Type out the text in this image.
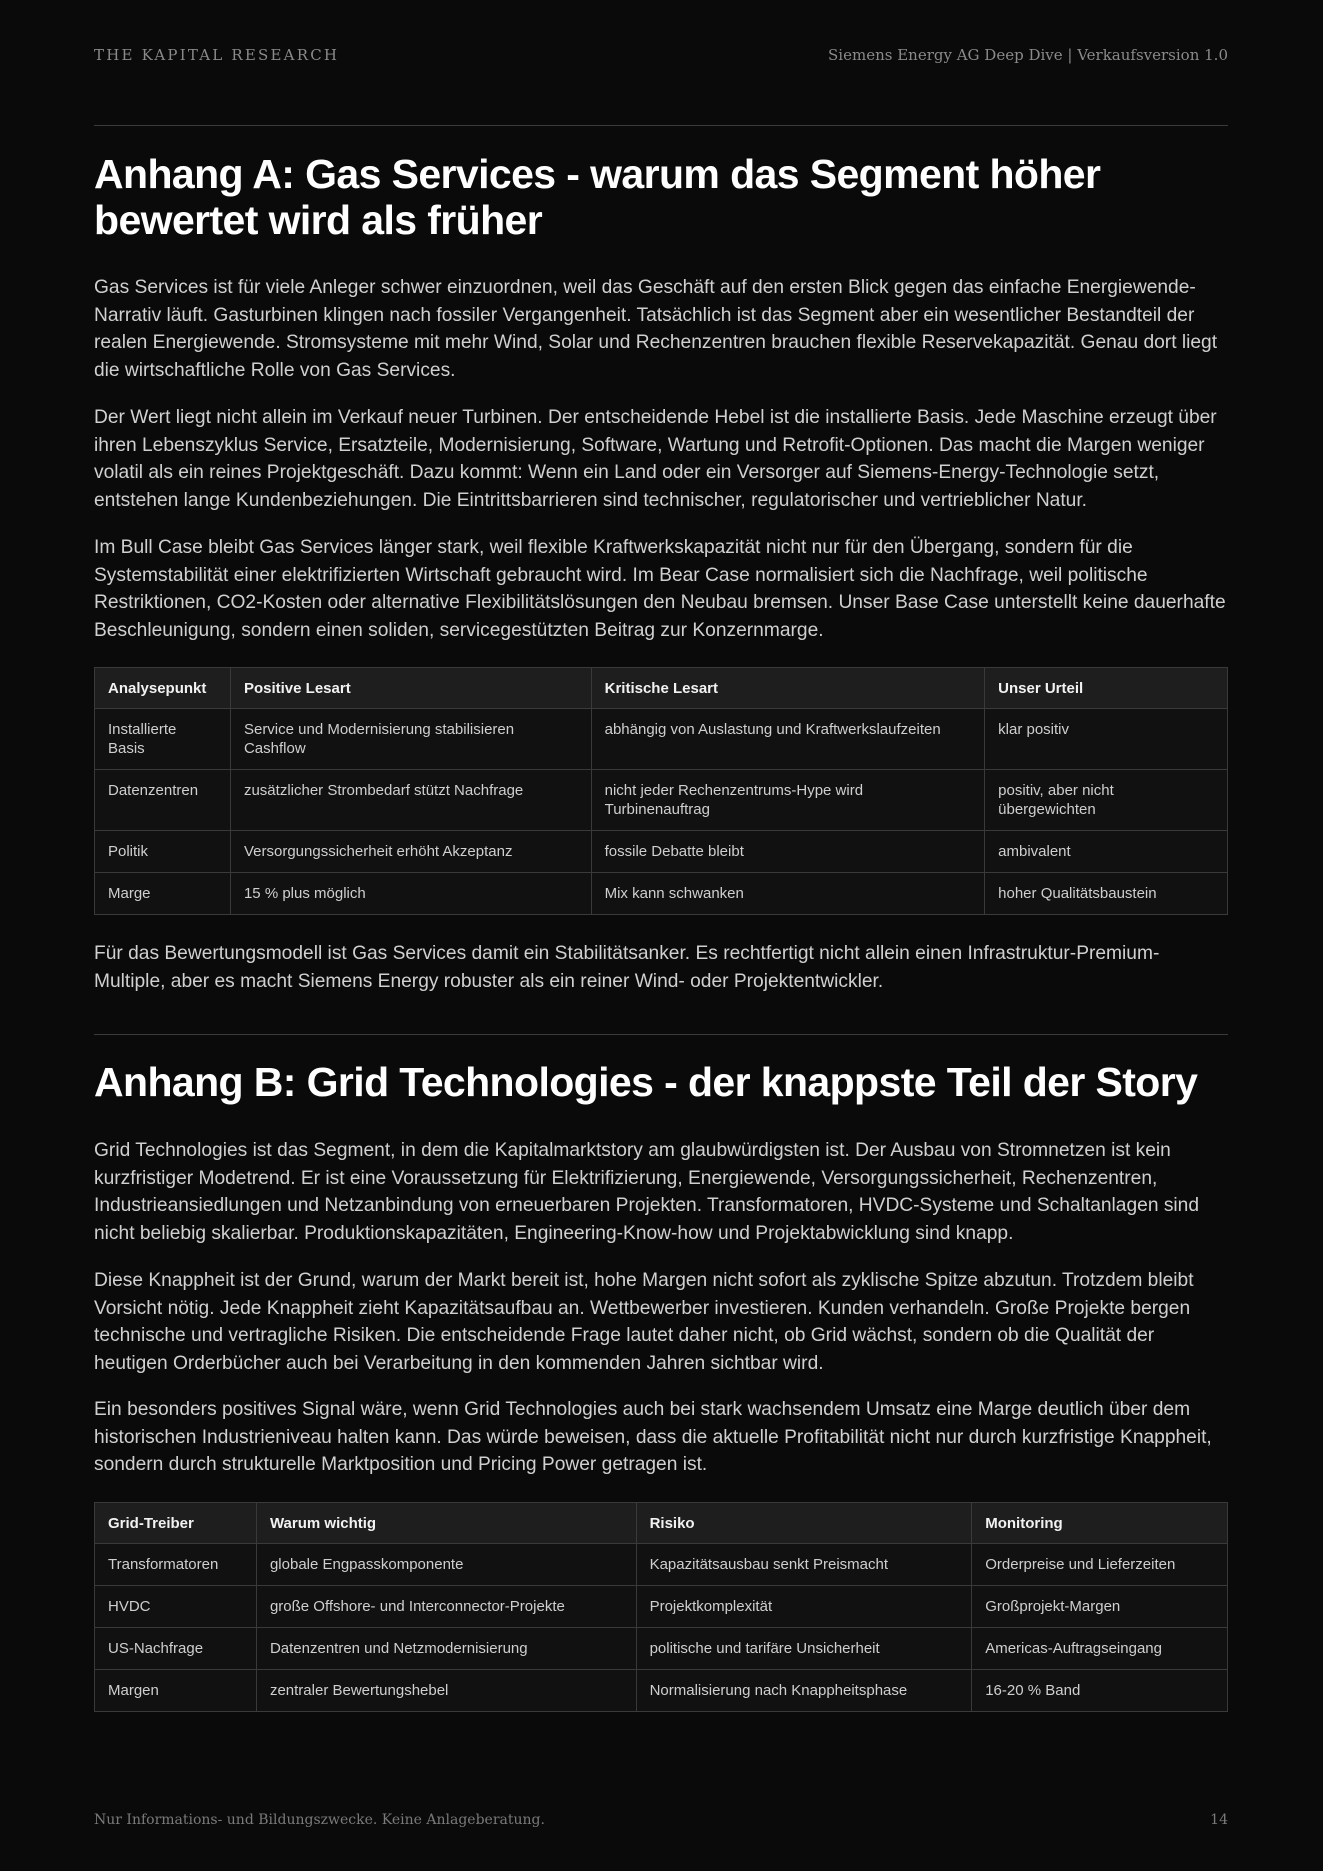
THE KAPITAL RESEARCH	Siemens Energy AG Deep Dive | Verkaufsversion 1.0
Anhang A: Gas Services - warum das Segment höher bewertet wird als früher

Gas Services ist für viele Anleger schwer einzuordnen, weil das Geschäft auf den ersten Blick gegen das einfache Energiewende-Narrativ läuft. Gasturbinen klingen nach fossiler Vergangenheit. Tatsächlich ist das Segment aber ein wesentlicher Bestandteil der realen Energiewende. Stromsysteme mit mehr Wind, Solar und Rechenzentren brauchen flexible Reservekapazität. Genau dort liegt die wirtschaftliche Rolle von Gas Services.

Der Wert liegt nicht allein im Verkauf neuer Turbinen. Der entscheidende Hebel ist die installierte Basis. Jede Maschine erzeugt über ihren Lebenszyklus Service, Ersatzteile, Modernisierung, Software, Wartung und Retrofit-Optionen. Das macht die Margen weniger volatil als ein reines Projektgeschäft. Dazu kommt: Wenn ein Land oder ein Versorger auf Siemens-Energy-Technologie setzt, entstehen lange Kundenbeziehungen. Die Eintrittsbarrieren sind technischer, regulatorischer und vertrieblicher Natur.

Im Bull Case bleibt Gas Services länger stark, weil flexible Kraftwerkskapazität nicht nur für den Übergang, sondern für die Systemstabilität einer elektrifizierten Wirtschaft gebraucht wird. Im Bear Case normalisiert sich die Nachfrage, weil politische Restriktionen, CO2-Kosten oder alternative Flexibilitätslösungen den Neubau bremsen. Unser Base Case unterstellt keine dauerhafte Beschleunigung, sondern einen soliden, servicegestützten Beitrag zur Konzernmarge.

Analysepunkt	Positive Lesart	Kritische Lesart	Unser Urteil
Installierte Basis	Service und Modernisierung stabilisieren Cashflow	abhängig von Auslastung und Kraftwerkslaufzeiten	klar positiv
Datenzentren	zusätzlicher Strombedarf stützt Nachfrage	nicht jeder Rechenzentrums-Hype wird Turbinenauftrag	positiv, aber nicht übergewichten
Politik	Versorgungssicherheit erhöht Akzeptanz	fossile Debatte bleibt	ambivalent
Marge	15 % plus möglich	Mix kann schwanken	hoher Qualitätsbaustein

Für das Bewertungsmodell ist Gas Services damit ein Stabilitätsanker. Es rechtfertigt nicht allein einen Infrastruktur-Premium-Multiple, aber es macht Siemens Energy robuster als ein reiner Wind- oder Projektentwickler.

Anhang B: Grid Technologies - der knappste Teil der Story

Grid Technologies ist das Segment, in dem die Kapitalmarktstory am glaubwürdigsten ist. Der Ausbau von Stromnetzen ist kein kurzfristiger Modetrend. Er ist eine Voraussetzung für Elektrifizierung, Energiewende, Versorgungssicherheit, Rechenzentren, Industrieansiedlungen und Netzanbindung von erneuerbaren Projekten. Transformatoren, HVDC-Systeme und Schaltanlagen sind nicht beliebig skalierbar. Produktionskapazitäten, Engineering-Know-how und Projektabwicklung sind knapp.

Diese Knappheit ist der Grund, warum der Markt bereit ist, hohe Margen nicht sofort als zyklische Spitze abzutun. Trotzdem bleibt Vorsicht nötig. Jede Knappheit zieht Kapazitätsaufbau an. Wettbewerber investieren. Kunden verhandeln. Große Projekte bergen technische und vertragliche Risiken. Die entscheidende Frage lautet daher nicht, ob Grid wächst, sondern ob die Qualität der heutigen Orderbücher auch bei Verarbeitung in den kommenden Jahren sichtbar wird.

Ein besonders positives Signal wäre, wenn Grid Technologies auch bei stark wachsendem Umsatz eine Marge deutlich über dem historischen Industrieniveau halten kann. Das würde beweisen, dass die aktuelle Profitabilität nicht nur durch kurzfristige Knappheit, sondern durch strukturelle Marktposition und Pricing Power getragen ist.

Grid-Treiber	Warum wichtig	Risiko	Monitoring
Transformatoren	globale Engpasskomponente	Kapazitätsausbau senkt Preismacht	Orderpreise und Lieferzeiten
HVDC	große Offshore- und Interconnector-Projekte	Projektkomplexität	Großprojekt-Margen
US-Nachfrage	Datenzentren und Netzmodernisierung	politische und tarifäre Unsicherheit	Americas-Auftragseingang
Margen	zentraler Bewertungshebel	Normalisierung nach Knappheitsphase	16-20 % Band
Nur Informations- und Bildungszwecke. Keine Anlageberatung.	14
